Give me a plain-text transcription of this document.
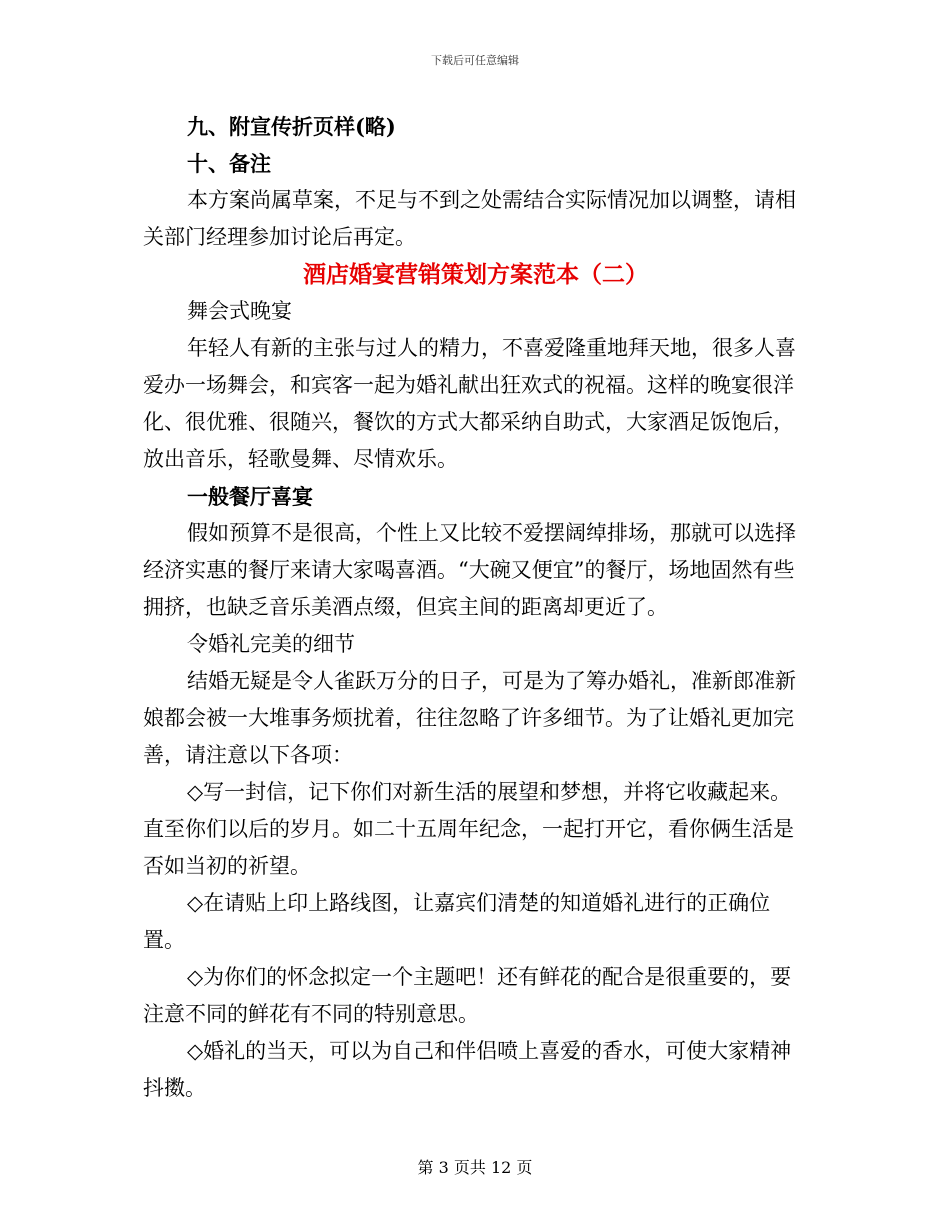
下载后可任意编辑

九、附宣传折页样(略)

十、备注

本方案尚属草案，不足与不到之处需结合实际情况加以调整，请相关部门经理参加讨论后再定。

酒店婚宴营销策划方案范本（二）

舞会式晚宴

年轻人有新的主张与过人的精力，不喜爱隆重地拜天地，很多人喜爱办一场舞会，和宾客一起为婚礼献出狂欢式的祝福。这样的晚宴很洋化、很优雅、很随兴，餐饮的方式大都采纳自助式，大家酒足饭饱后，放出音乐，轻歌曼舞、尽情欢乐。

一般餐厅喜宴

假如预算不是很高，个性上又比较不爱摆阔绰排场，那就可以选择经济实惠的餐厅来请大家喝喜酒。“大碗又便宜”的餐厅，场地固然有些拥挤，也缺乏音乐美酒点缀，但宾主间的距离却更近了。

令婚礼完美的细节

结婚无疑是令人雀跃万分的日子，可是为了筹办婚礼，准新郎准新娘都会被一大堆事务烦扰着，往往忽略了许多细节。为了让婚礼更加完善，请注意以下各项：

◇写一封信，记下你们对新生活的展望和梦想，并将它收藏起来。直至你们以后的岁月。如二十五周年纪念，一起打开它，看你俩生活是否如当初的祈望。

◇在请贴上印上路线图，让嘉宾们清楚的知道婚礼进行的正确位置。

◇为你们的怀念拟定一个主题吧！还有鲜花的配合是很重要的，要注意不同的鲜花有不同的特别意思。

◇婚礼的当天，可以为自己和伴侣喷上喜爱的香水，可使大家精神抖擞。

第 3 页共 12 页
